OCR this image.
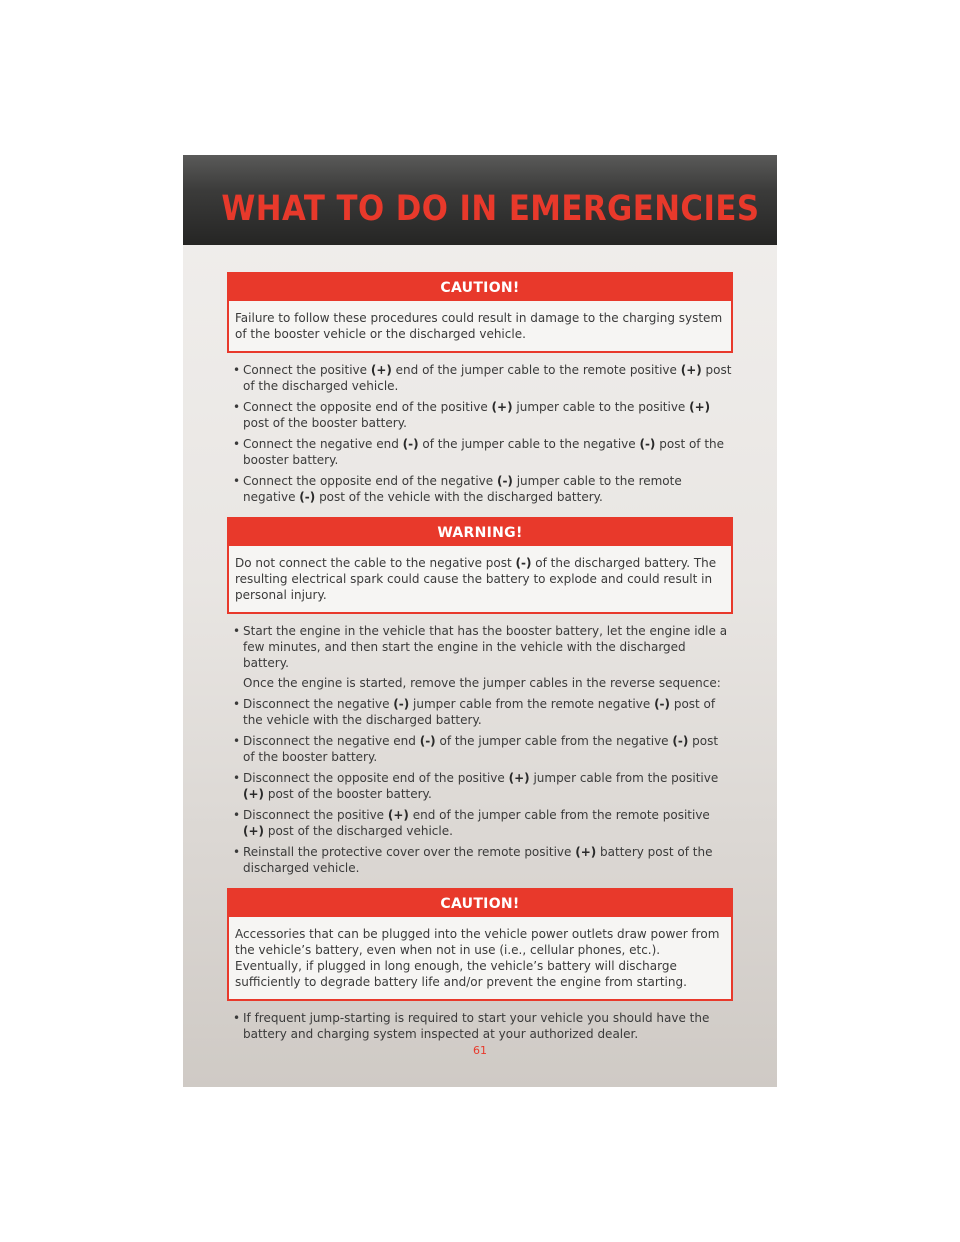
WHAT TO DO IN EMERGENCIES
CAUTION!
Failure to follow these procedures could result in damage to the charging system of the booster vehicle or the discharged vehicle.
• Connect the positive (+) end of the jumper cable to the remote positive (+) post of the discharged vehicle.
• Connect the opposite end of the positive (+) jumper cable to the positive (+) post of the booster battery.
• Connect the negative end (-) of the jumper cable to the negative (-) post of the booster battery.
• Connect the opposite end of the negative (-) jumper cable to the remote negative (-) post of the vehicle with the discharged battery.
WARNING!
Do not connect the cable to the negative post (-) of the discharged battery. The resulting electrical spark could cause the battery to explode and could result in personal injury.
• Start the engine in the vehicle that has the booster battery, let the engine idle a few minutes, and then start the engine in the vehicle with the discharged battery.
Once the engine is started, remove the jumper cables in the reverse sequence:
• Disconnect the negative (-) jumper cable from the remote negative (-) post of the vehicle with the discharged battery.
• Disconnect the negative end (-) of the jumper cable from the negative (-) post of the booster battery.
• Disconnect the opposite end of the positive (+) jumper cable from the positive (+) post of the booster battery.
• Disconnect the positive (+) end of the jumper cable from the remote positive (+) post of the discharged vehicle.
• Reinstall the protective cover over the remote positive (+) battery post of the discharged vehicle.
CAUTION!
Accessories that can be plugged into the vehicle power outlets draw power from the vehicle’s battery, even when not in use (i.e., cellular phones, etc.). Eventually, if plugged in long enough, the vehicle’s battery will discharge sufficiently to degrade battery life and/or prevent the engine from starting.
• If frequent jump-starting is required to start your vehicle you should have the battery and charging system inspected at your authorized dealer.
61
